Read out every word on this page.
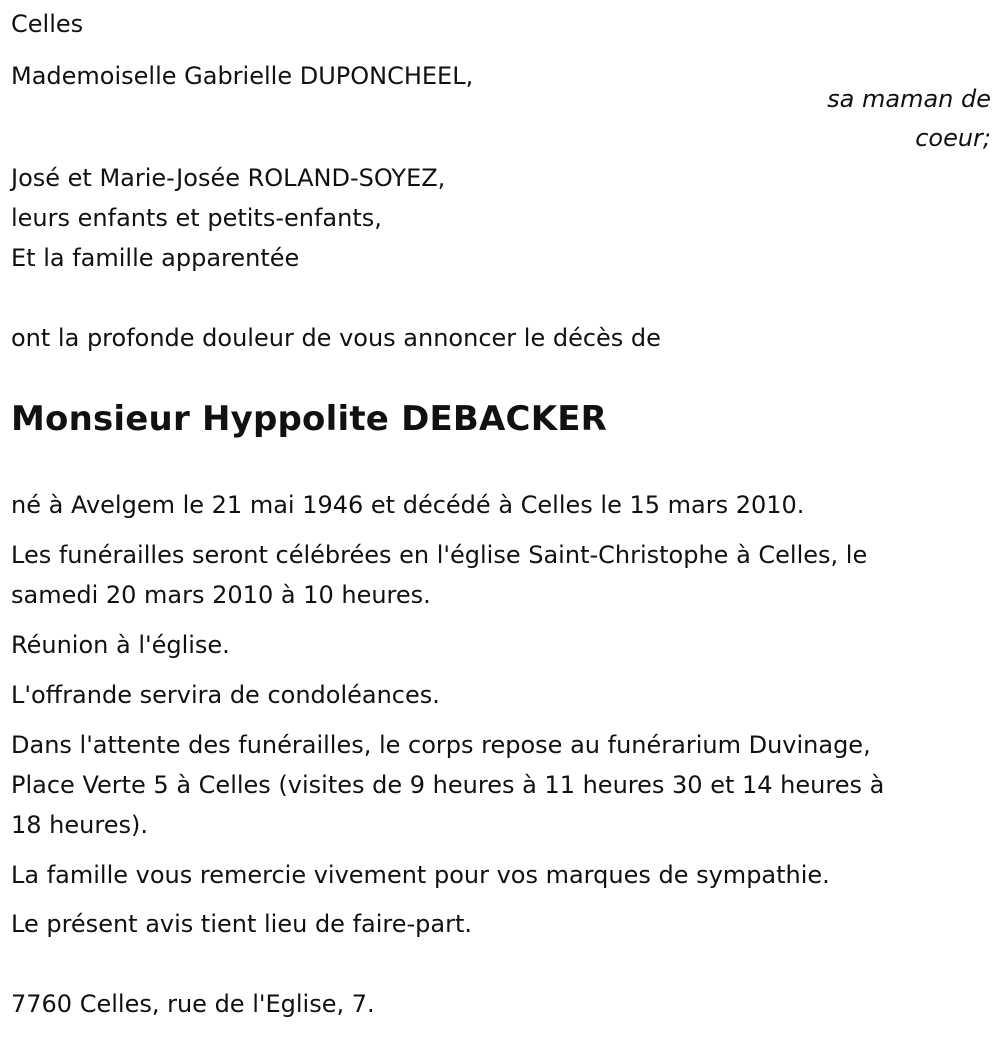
Celles
Mademoiselle Gabrielle DUPONCHEEL,
sa maman de
coeur;
José et Marie-Josée ROLAND-SOYEZ,
leurs enfants et petits-enfants,
Et la famille apparentée
ont la profonde douleur de vous annoncer le décès de
Monsieur Hyppolite DEBACKER
né à Avelgem le 21 mai 1946 et décédé à Celles le 15 mars 2010.
Les funérailles seront célébrées en l'église Saint-Christophe à Celles, le
samedi 20 mars 2010 à 10 heures.
Réunion à l'église.
L'offrande servira de condoléances.
Dans l'attente des funérailles, le corps repose au funérarium Duvinage,
Place Verte 5 à Celles (visites de 9 heures à 11 heures 30 et 14 heures à
18 heures).
La famille vous remercie vivement pour vos marques de sympathie.
Le présent avis tient lieu de faire-part.
7760 Celles, rue de l'Eglise, 7.
